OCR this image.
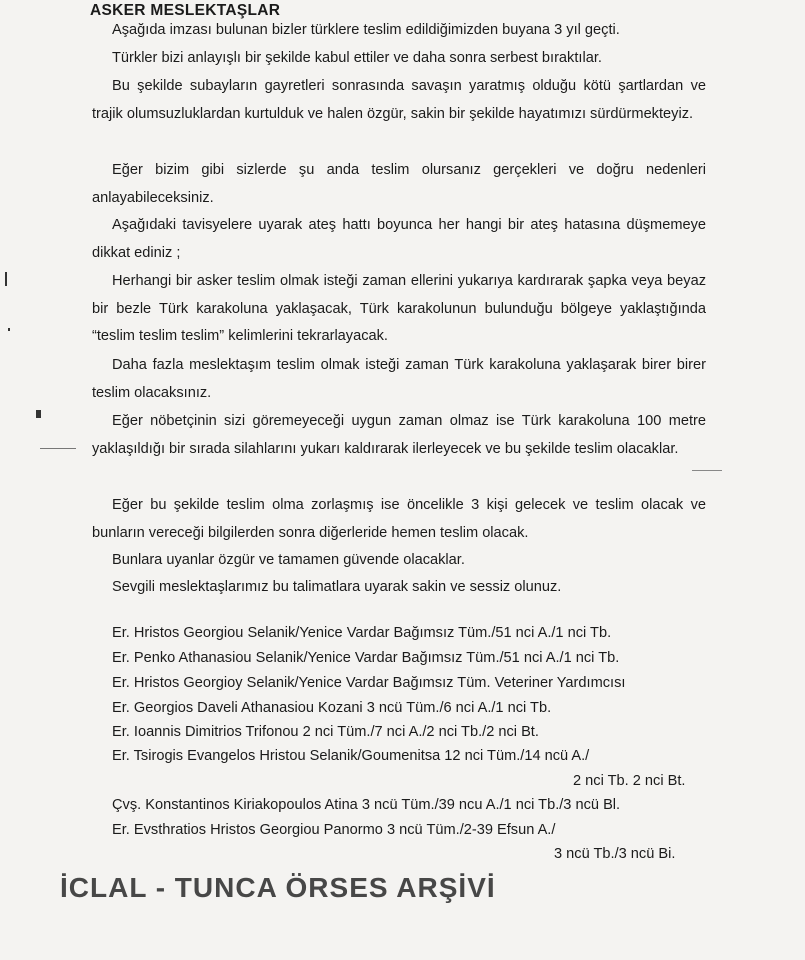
ASKER MESLEKTAŞLAR
Aşağıda imzası bulunan bizler türklere teslim edildiğimizden buyana 3 yıl geçti.
Türkler bizi anlayışlı bir şekilde kabul ettiler ve daha sonra serbest bıraktılar.
Bu şekilde subayların gayretleri sonrasında savaşın yaratmış olduğu kötü şartlardan ve trajik olumsuzluklardan kurtulduk ve halen özgür, sakin bir şekilde hayatımızı sürdürmekteyiz.
Eğer bizim gibi sizlerde şu anda teslim olursanız gerçekleri ve doğru nedenleri anlayabileceksiniz.
Aşağıdaki tavisyelere uyarak ateş hattı boyunca her hangi bir ateş hatasına düşmemeye dikkat ediniz ;
Herhangi bir asker teslim olmak isteği zaman ellerini yukarıya kardırarak şapka veya beyaz bir bezle Türk karakoluna yaklaşacak, Türk karakolunun bulunduğu bölgeye yaklaştığında “teslim teslim teslim” kelimlerini tekrarlayacak.
Daha fazla meslektaşım teslim olmak isteği zaman Türk karakoluna yaklaşarak birer birer teslim olacaksınız.
Eğer nöbetçinin sizi göremeyeceği uygun zaman olmaz ise Türk karakoluna 100 metre yaklaşıldığı bir sırada silahlarını yukarı kaldırarak ilerleyecek ve bu şekilde teslim olacaklar.
Eğer bu şekilde teslim olma zorlaşmış ise öncelikle 3 kişi gelecek ve teslim olacak ve bunların vereceği bilgilerden sonra diğerleride hemen teslim olacak.
Bunlara uyanlar özgür ve tamamen güvende olacaklar.
Sevgili meslektaşlarımız bu talimatlara uyarak sakin ve sessiz olunuz.
Er. Hristos Georgiou Selanik/Yenice Vardar Bağımsız Tüm./51 nci A./1 nci Tb.
Er. Penko Athanasiou Selanik/Yenice Vardar Bağımsız Tüm./51 nci A./1 nci Tb.
Er. Hristos Georgioy Selanik/Yenice Vardar Bağımsız Tüm. Veteriner Yardımcısı
Er. Georgios Daveli Athanasiou Kozani 3 ncü Tüm./6 nci A./1 nci Tb.
Er. Ioannis Dimitrios Trifonou 2 nci Tüm./7 nci A./2 nci Tb./2 nci Bt.
Er. Tsirogis Evangelos Hristou Selanik/Goumenitsa 12 nci Tüm./14 ncü A./
2 nci Tb. 2 nci Bt.
Çvş. Konstantinos Kiriakopoulos Atina 3 ncü Tüm./39 ncu A./1 nci Tb./3 ncü Bl.
Er. Evsthratios Hristos Georgiou Panormo 3 ncü Tüm./2-39 Efsun A./
3 ncü Tb./3 ncü Bi.
İCLAL - TUNCA ÖRSES ARŞİVİ
